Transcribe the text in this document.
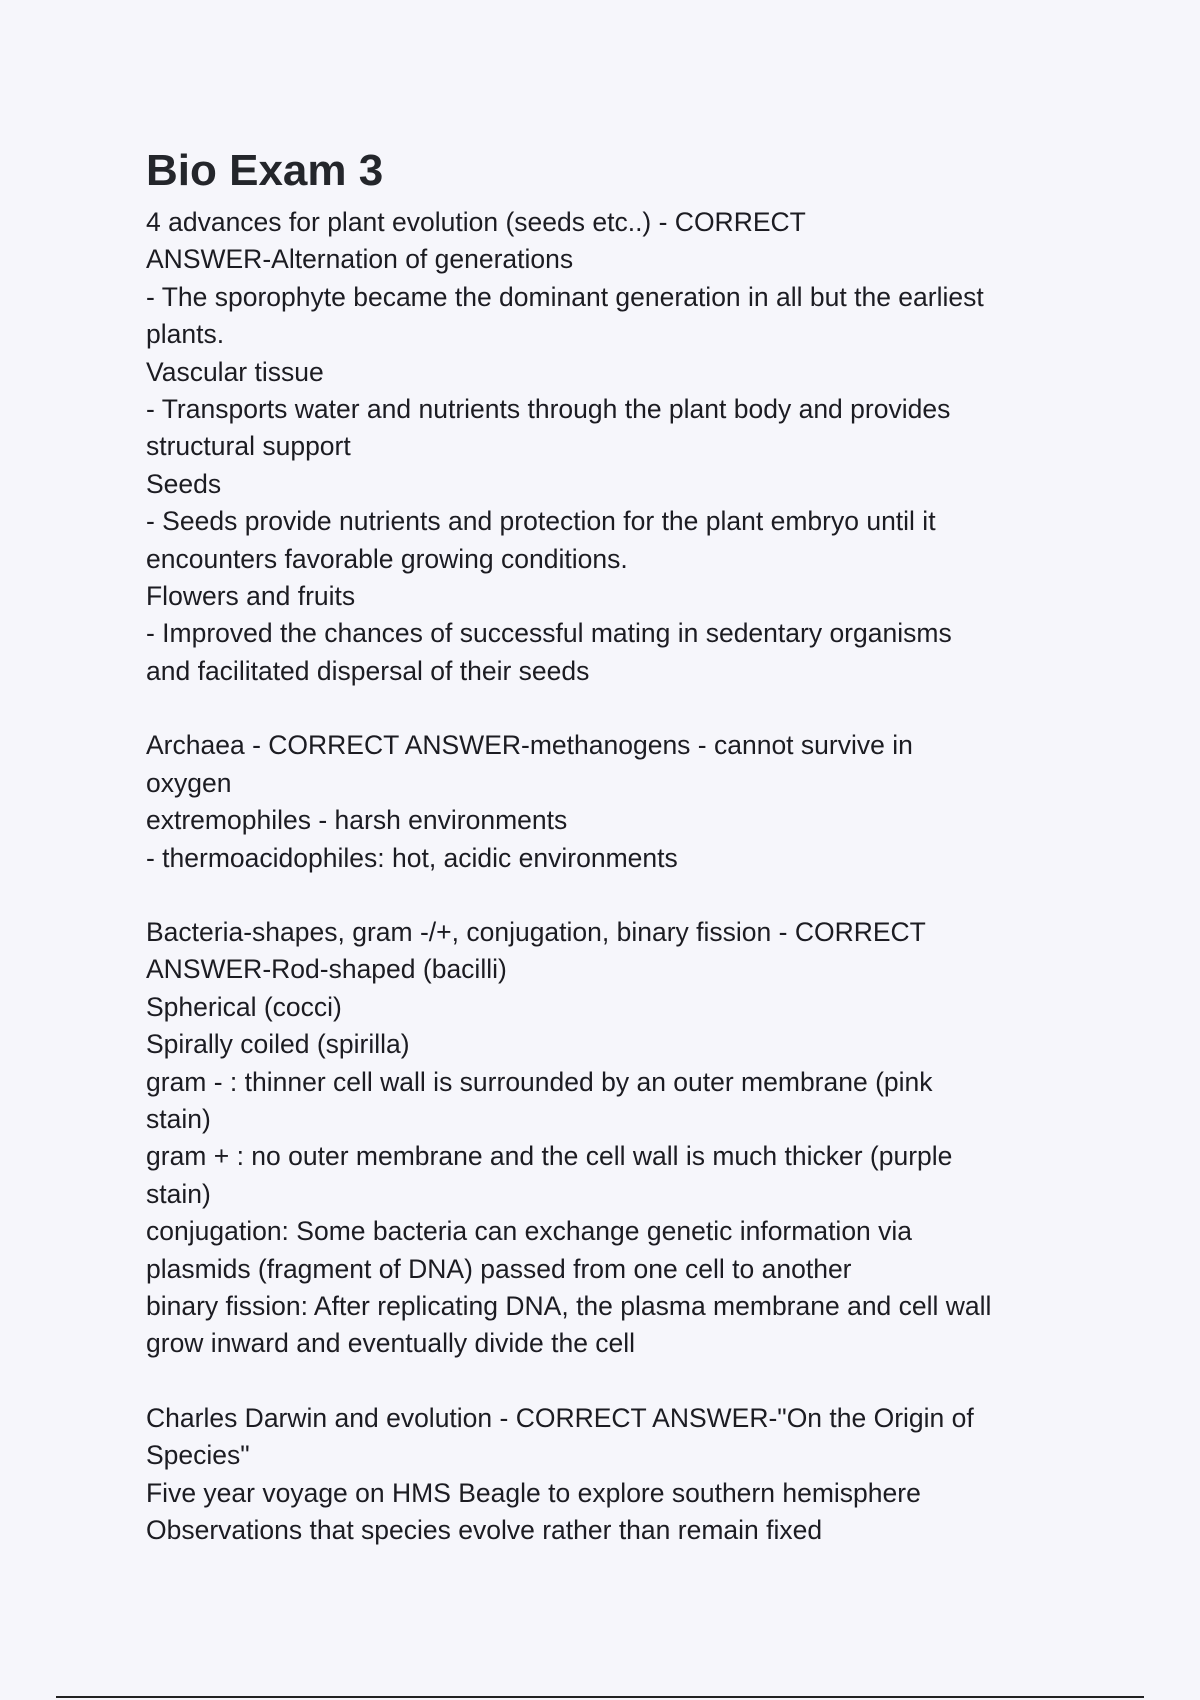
Bio Exam 3
4 advances for plant evolution (seeds etc..) - CORRECT
ANSWER-Alternation of generations
- The sporophyte became the dominant generation in all but the earliest
plants.
Vascular tissue
- Transports water and nutrients through the plant body and provides
structural support
Seeds
- Seeds provide nutrients and protection for the plant embryo until it
encounters favorable growing conditions.
Flowers and fruits
- Improved the chances of successful mating in sedentary organisms
and facilitated dispersal of their seeds
Archaea - CORRECT ANSWER-methanogens - cannot survive in
oxygen
extremophiles - harsh environments
- thermoacidophiles: hot, acidic environments
Bacteria-shapes, gram -/+, conjugation, binary fission - CORRECT
ANSWER-Rod-shaped (bacilli)
Spherical (cocci)
Spirally coiled (spirilla)
gram - : thinner cell wall is surrounded by an outer membrane (pink
stain)
gram + : no outer membrane and the cell wall is much thicker (purple
stain)
conjugation: Some bacteria can exchange genetic information via
plasmids (fragment of DNA) passed from one cell to another
binary fission: After replicating DNA, the plasma membrane and cell wall
grow inward and eventually divide the cell
Charles Darwin and evolution - CORRECT ANSWER-"On the Origin of
Species"
Five year voyage on HMS Beagle to explore southern hemisphere
Observations that species evolve rather than remain fixed
